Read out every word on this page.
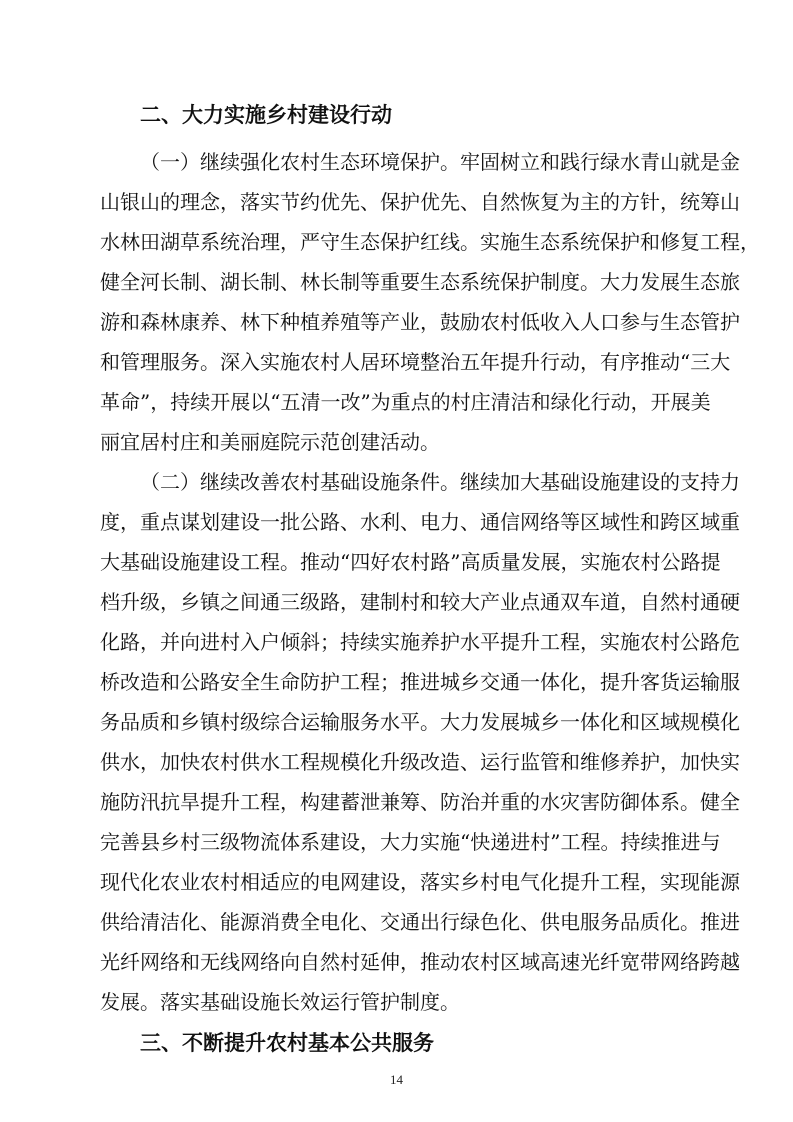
二、大力实施乡村建设行动
（一）继续强化农村生态环境保护。牢固树立和践行绿水青山就是金
山银山的理念，落实节约优先、保护优先、自然恢复为主的方针，统筹山
水林田湖草系统治理，严守生态保护红线。实施生态系统保护和修复工程，
健全河长制、湖长制、林长制等重要生态系统保护制度。大力发展生态旅
游和森林康养、林下种植养殖等产业，鼓励农村低收入人口参与生态管护
和管理服务。深入实施农村人居环境整治五年提升行动，有序推动“三大
革命”，持续开展以“五清一改”为重点的村庄清洁和绿化行动，开展美
丽宜居村庄和美丽庭院示范创建活动。
（二）继续改善农村基础设施条件。继续加大基础设施建设的支持力
度，重点谋划建设一批公路、水利、电力、通信网络等区域性和跨区域重
大基础设施建设工程。推动“四好农村路”高质量发展，实施农村公路提
档升级，乡镇之间通三级路，建制村和较大产业点通双车道，自然村通硬
化路，并向进村入户倾斜；持续实施养护水平提升工程，实施农村公路危
桥改造和公路安全生命防护工程；推进城乡交通一体化，提升客货运输服
务品质和乡镇村级综合运输服务水平。大力发展城乡一体化和区域规模化
供水，加快农村供水工程规模化升级改造、运行监管和维修养护，加快实
施防汛抗旱提升工程，构建蓄泄兼筹、防治并重的水灾害防御体系。健全
完善县乡村三级物流体系建设，大力实施“快递进村”工程。持续推进与
现代化农业农村相适应的电网建设，落实乡村电气化提升工程，实现能源
供给清洁化、能源消费全电化、交通出行绿色化、供电服务品质化。推进
光纤网络和无线网络向自然村延伸，推动农村区域高速光纤宽带网络跨越
发展。落实基础设施长效运行管护制度。
三、不断提升农村基本公共服务
14
